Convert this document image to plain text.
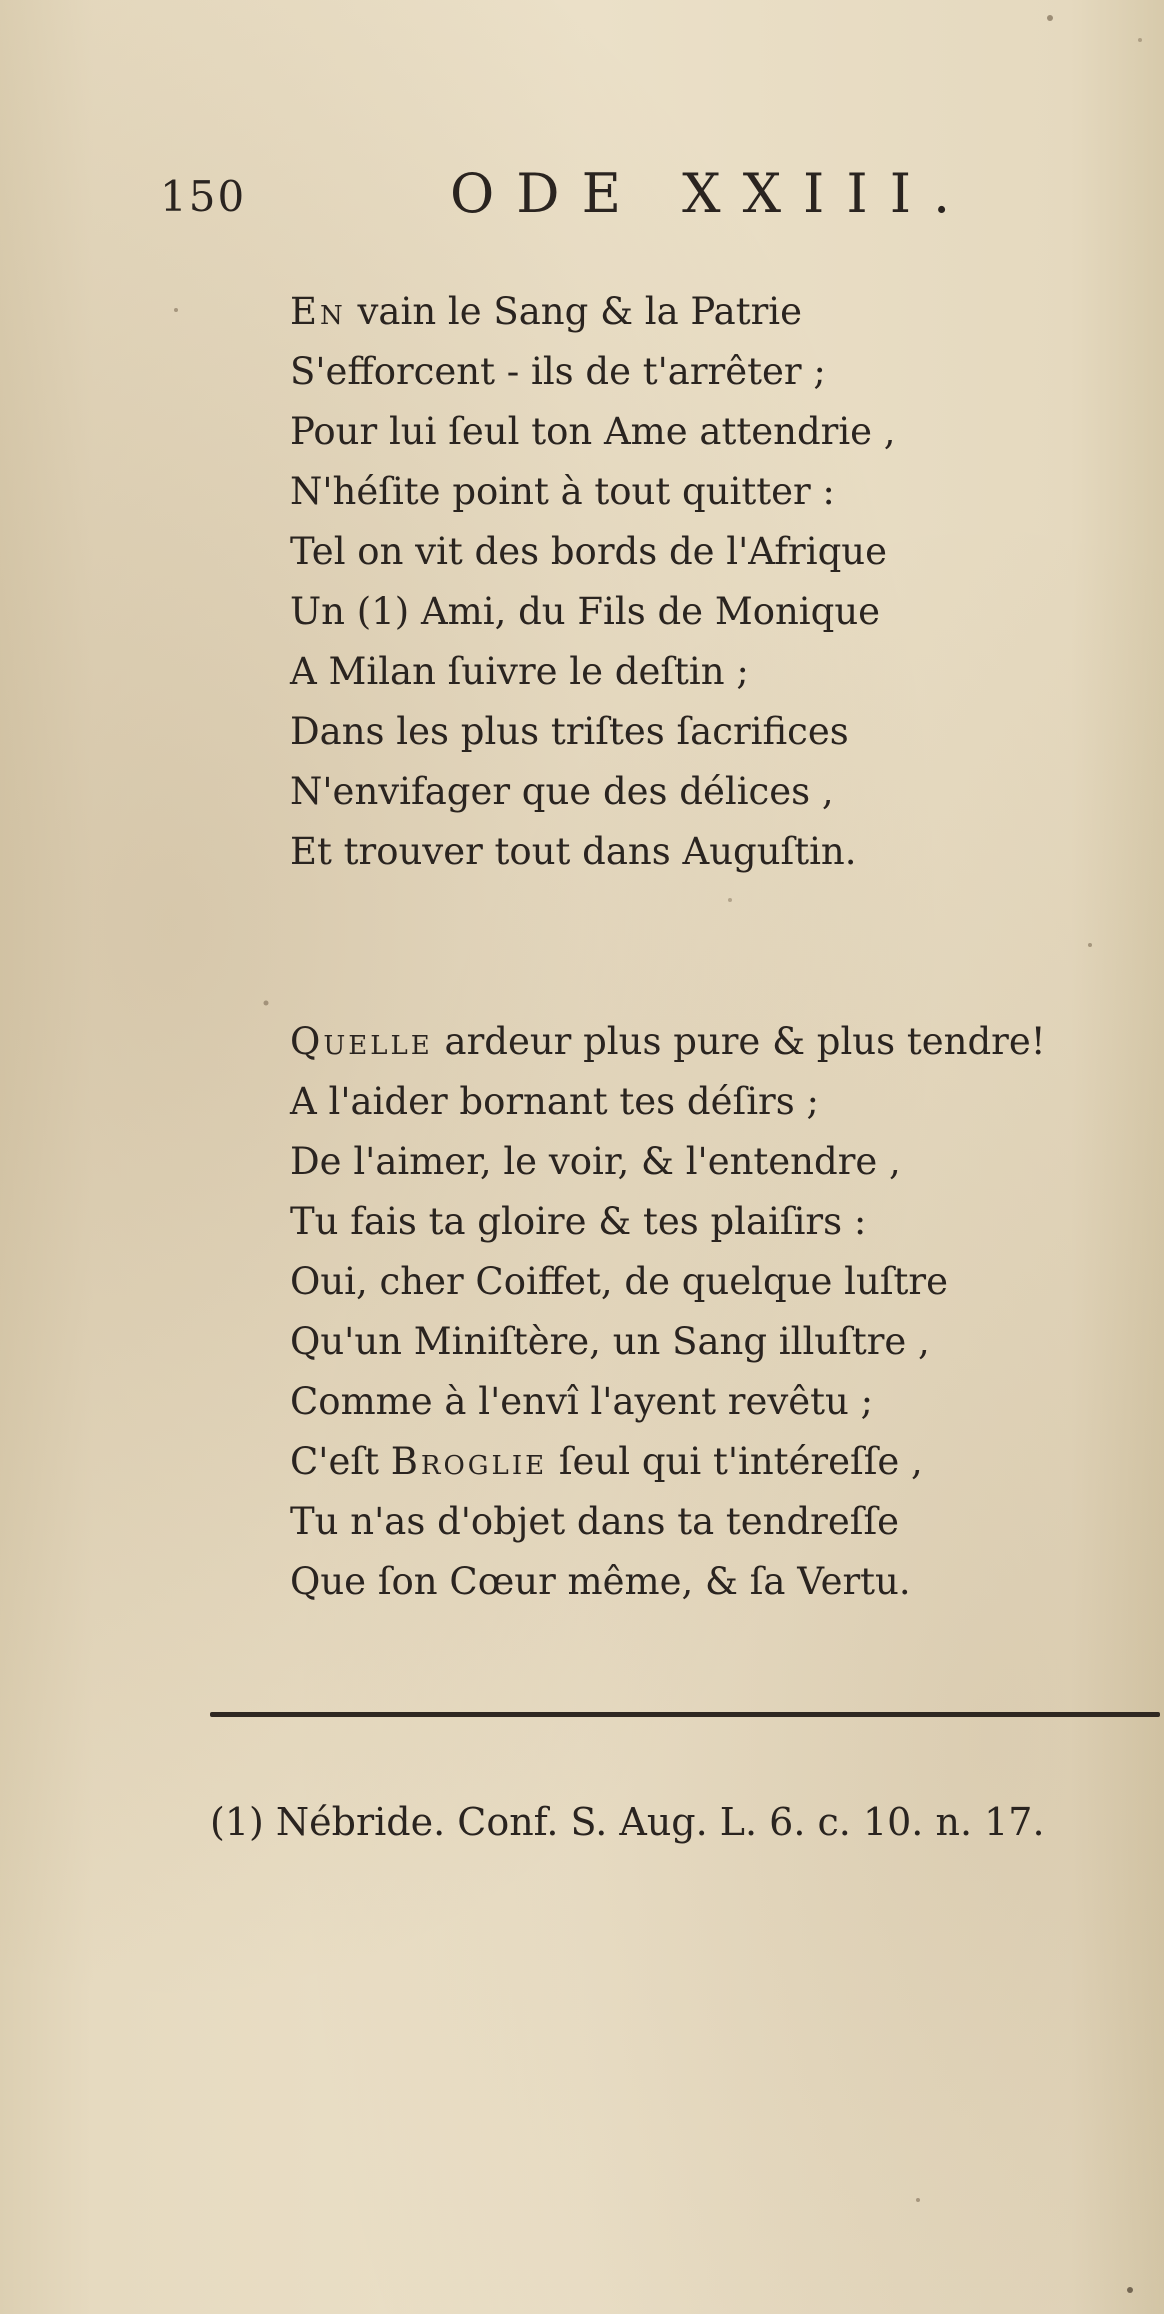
150	ODE XXIII.
En vain le Sang & la Patrie
S'efforcent - ils de t'arrêter ;
Pour lui ſeul ton Ame attendrie ,
N'héſite point à tout quitter :
Tel on vit des bords de l'Afrique
Un (1) Ami, du Fils de Monique
A Milan ſuivre le deſtin ;
Dans les plus triſtes ſacrifices
N'envifager que des délices ,
Et trouver tout dans Auguſtin.
Quelle ardeur plus pure & plus tendre!
A l'aider bornant tes déſirs ;
De l'aimer, le voir, & l'entendre ,
Tu fais ta gloire & tes plaiſirs :
Oui, cher Coiffet, de quelque luſtre
Qu'un Miniſtère, un Sang illuſtre ,
Comme à l'envî l'ayent revêtu ;
C'eſt Broglie ſeul qui t'intéreſſe ,
Tu n'as d'objet dans ta tendreſſe
Que ſon Cœur même, & ſa Vertu.
(1) Nébride. Conf. S. Aug. L. 6. c. 10. n. 17.
